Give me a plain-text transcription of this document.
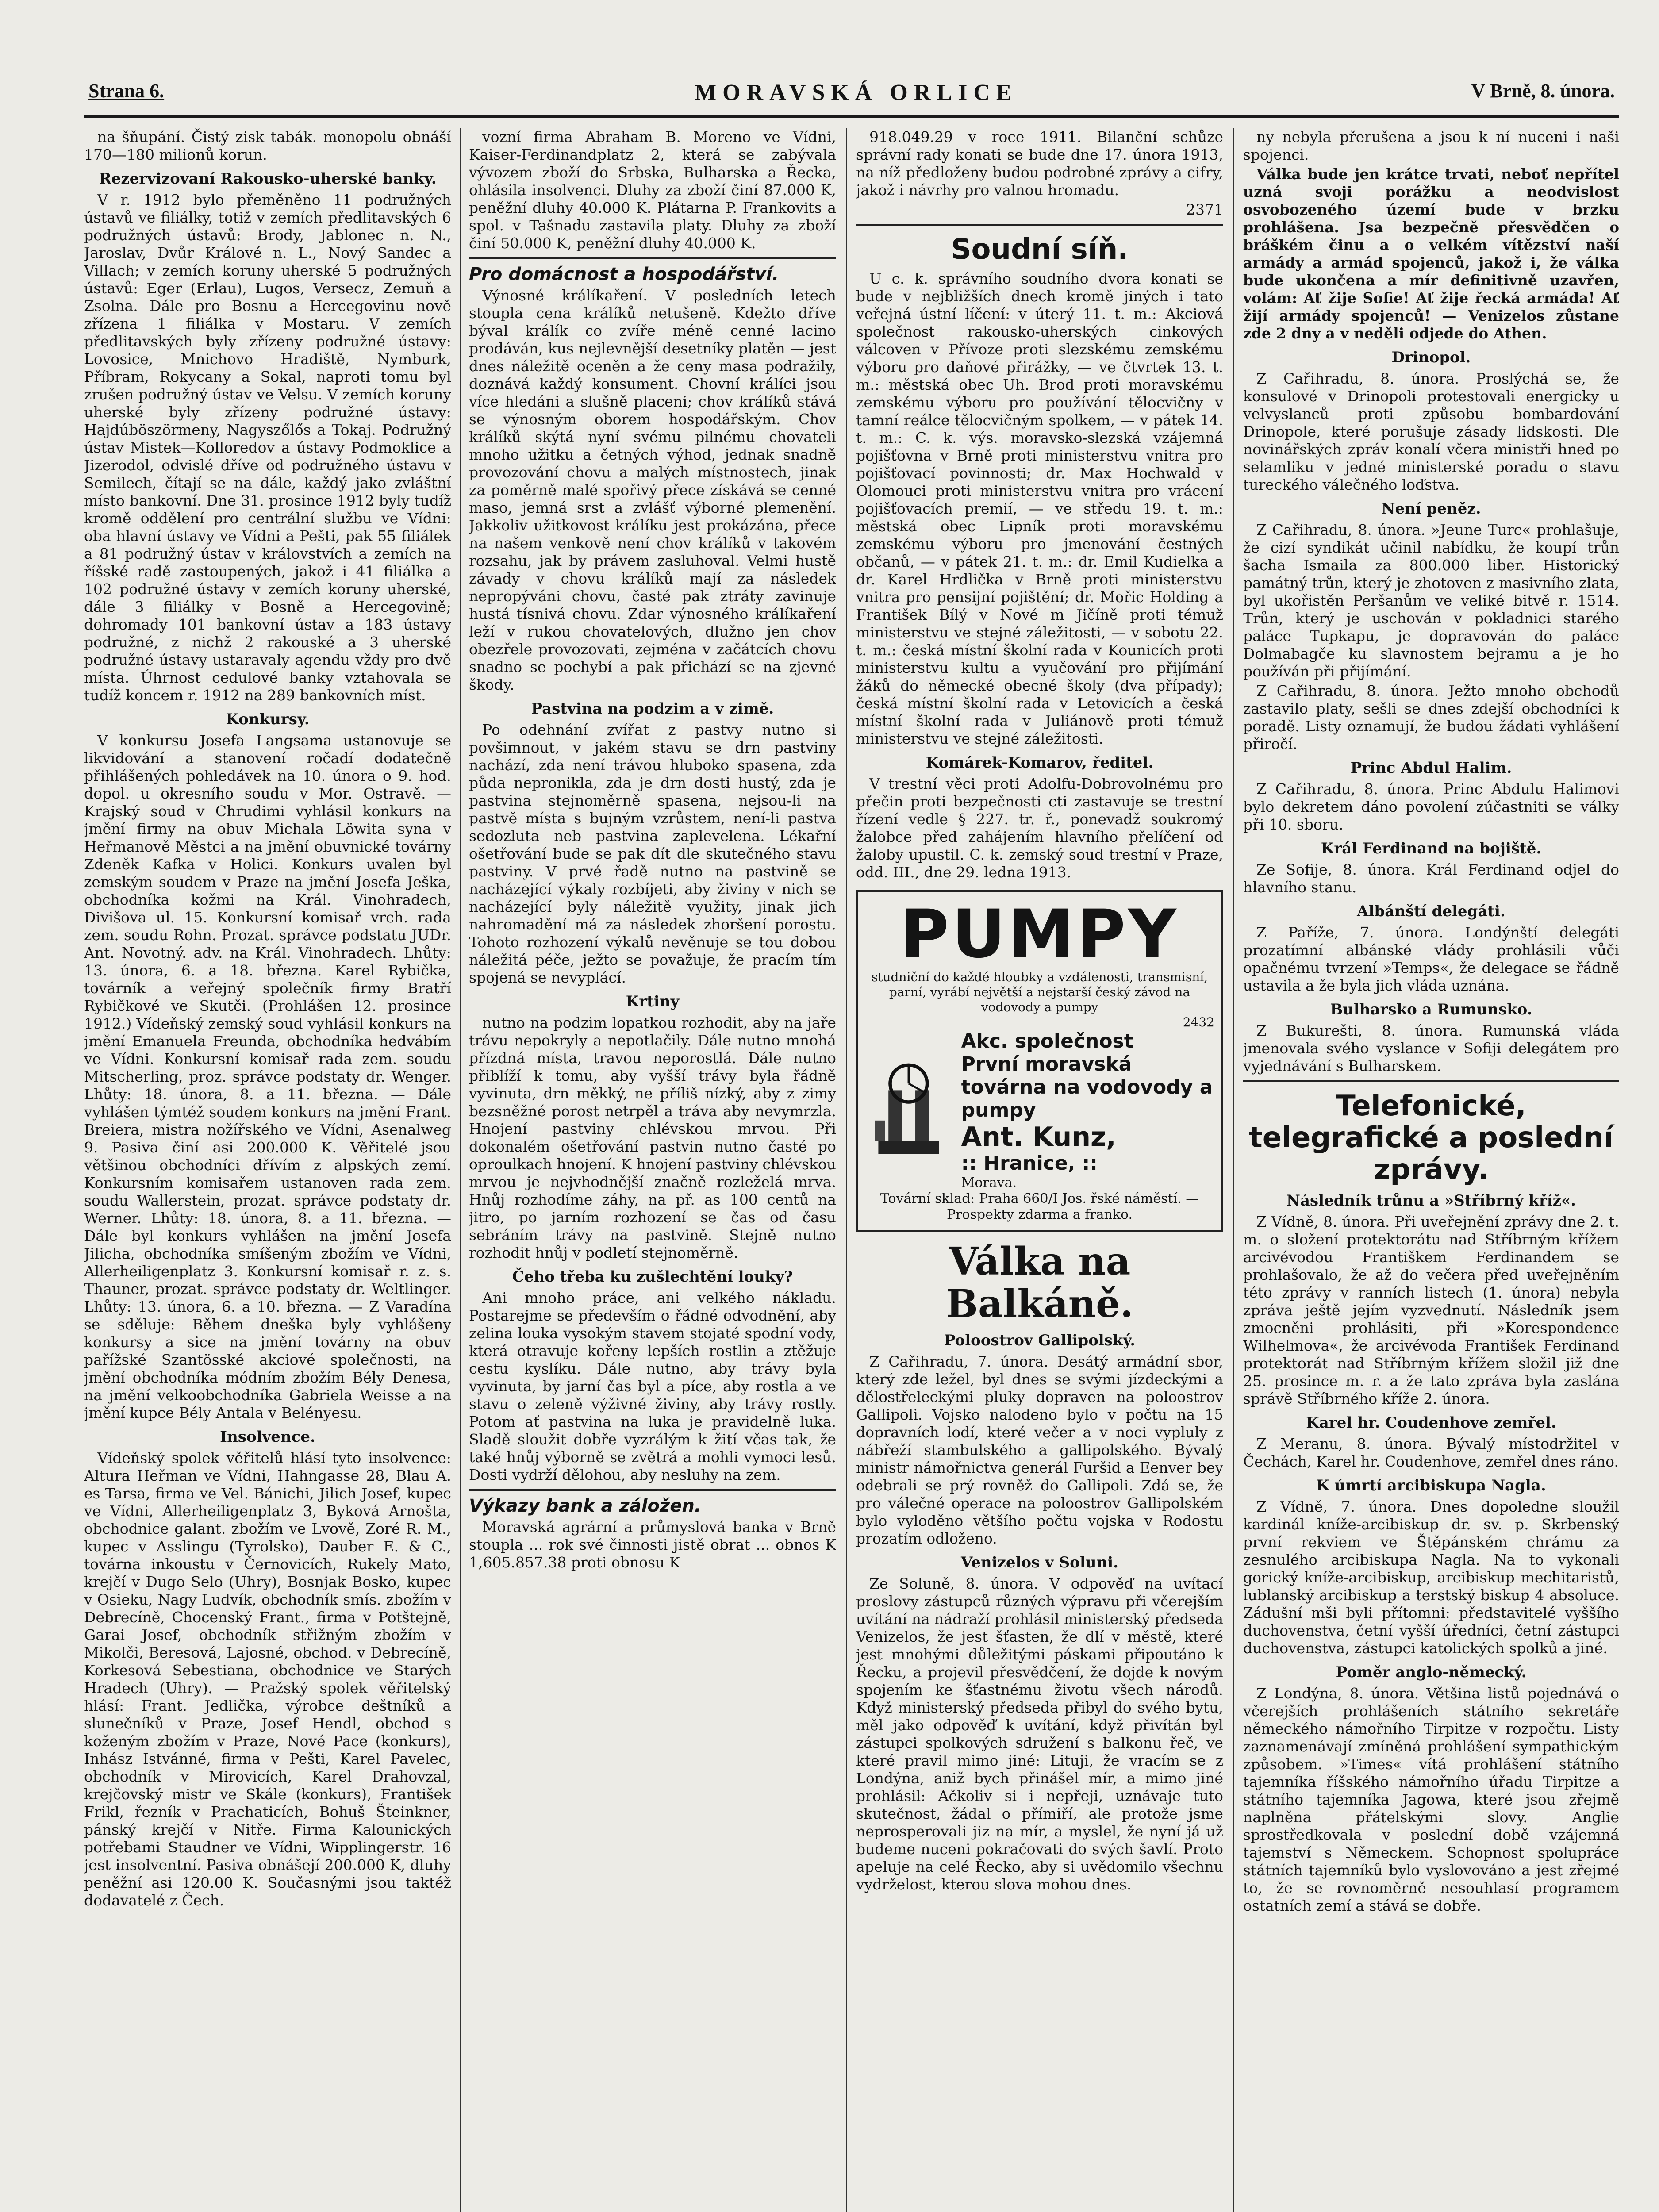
Strana 6.	MORAVSKÁ ORLICE	V Brně, 8. února.

na šňupání. Čistý zisk tabák. monopolu obnáší 170—180 milionů korun.

Rezervizovaní Rakousko-uherské banky.

V r. 1912 bylo přeměněno 11 podružných ústavů ve filiálky, totiž v zemích předlitavských 6 podružných ústavů: Brody, Jablonec n. N., Jaroslav, Dvůr Králové n. L., Nový Sandec a Villach; v zemích koruny uherské 5 podružných ústavů: Eger (Erlau), Lugos, Versecz, Zemuň a Zsolna. Dále pro Bosnu a Hercegovinu nově zřízena 1 filiálka v Mostaru. V zemích předlitavských byly zřízeny podružné ústavy: Lovosice, Mnichovo Hradiště, Nymburk, Příbram, Rokycany a Sokal, naproti tomu byl zrušen podružný ústav ve Velsu. V zemích koruny uherské byly zřízeny podružné ústavy: Hajdúböszörmeny, Nagyszőlős a Tokaj. Podružný ústav Mistek—Kolloredov a ústavy Podmoklice a Jizerodol, odvislé dříve od podružného ústavu v Semilech, čítají se na dále, každý jako zvláštní místo bankovní. Dne 31. prosince 1912 byly tudíž kromě oddělení pro centrální službu ve Vídni: oba hlavní ústavy ve Vídni a Pešti, pak 55 filiálek a 81 podružný ústav v královstvích a zemích na říšské radě zastoupených, jakož i 41 filiálka a 102 podružné ústavy v zemích koruny uherské, dále 3 filiálky v Bosně a Hercegovině; dohromady 101 bankovní ústav a 183 ústavy podružné, z nichž 2 rakouské a 3 uherské podružné ústavy ustaravaly agendu vždy pro dvě místa. Úhrnost cedulové banky vztahovala se tudíž koncem r. 1912 na 289 bankovních míst.

Konkursy.

V konkursu Josefa Langsama ustanovuje se likvidování a stanovení ročadí dodatečně přihlášených pohledávek na 10. února o 9. hod. dopol. u okresního soudu v Mor. Ostravě. — Krajský soud v Chrudimi vyhlásil konkurs na jmění firmy na obuv Michala Löwita syna v Heřmanově Městci a na jmění obuvnické továrny Zdeněk Kafka v Holici. Konkurs uvalen byl zemským soudem v Praze na jmění Josefa Ješka, obchodníka kožmi na Král. Vinohradech, Divišova ul. 15. Konkursní komisař vrch. rada zem. soudu Rohn. Prozat. správce podstatu JUDr. Ant. Novotný. adv. na Král. Vinohradech. Lhůty: 13. února, 6. a 18. března. Karel Rybička, továrník a veřejný společník firmy Bratří Rybičkové ve Skutči. (Prohlášen 12. prosince 1912.) Vídeňský zemský soud vyhlásil konkurs na jmění Emanuela Freunda, obchodníka hedvábím ve Vídni. Konkursní komisař rada zem. soudu Mitscherling, proz. správce podstaty dr. Wenger. Lhůty: 18. února, 8. a 11. března. — Dále vyhlášen týmtéž soudem konkurs na jmění Frant. Breiera, mistra nožířského ve Vídni, Asenalweg 9. Pasiva činí asi 200.000 K. Věřitelé jsou většinou obchodníci dřívím z alpských zemí. Konkursním komisařem ustanoven rada zem. soudu Wallerstein, prozat. správce podstaty dr. Werner. Lhůty: 18. února, 8. a 11. března. — Dále byl konkurs vyhlášen na jmění Josefa Jilicha, obchodníka smíšeným zbožím ve Vídni, Allerheiligenplatz 3. Konkursní komisař r. z. s. Thauner, prozat. správce podstaty dr. Weltlinger. Lhůty: 13. února, 6. a 10. března. — Z Varadína se sděluje: Během dneška byly vyhlášeny konkursy a sice na jmění továrny na obuv pařížské Szantösské akciové společnosti, na jmění obchodníka módním zbožím Bély Denesa, na jmění velkoobchodníka Gabriela Weisse a na jmění kupce Bély Antala v Belényesu.

Insolvence.

Vídeňský spolek věřitelů hlásí tyto insolvence: Altura Heřman ve Vídni, Hahngasse 28, Blau A. es Tarsa, firma ve Vel. Bánichi, Jilich Josef, kupec ve Vídni, Allerheiligenplatz 3, Byková Arnošta, obchodnice galant. zbožím ve Lvově, Zoré R. M., kupec v Asslingu (Tyrolsko), Dauber E. & C., továrna inkoustu v Černovicích, Rukely Mato, krejčí v Dugo Selo (Uhry), Bosnjak Bosko, kupec v Osieku, Nagy Ludvík, obchodník smís. zbožím v Debrecíně, Chocenský Frant., firma v Potštejně, Garai Josef, obchodník střižným zbožím v Mikolči, Beresová, Lajosné, obchod. v Debrecíně, Korkesová Sebestiana, obchodnice ve Starých Hradech (Uhry). — Pražský spolek věřitelský hlásí: Frant. Jedlička, výrobce deštníků a slunečníků v Praze, Josef Hendl, obchod s koženým zbožím v Praze, Nové Pace (konkurs), Inhász Istvánné, firma v Pešti, Karel Pavelec, obchodník v Mirovicích, Karel Drahovzal, krejčovský mistr ve Skále (konkurs), František Frikl, řezník v Prachaticích, Bohuš Šteinkner, pánský krejčí v Nitře. Firma Kalounických potřebami Staudner ve Vídni, Wipplingerstr. 16 jest insolventní. Pasiva obnášejí 200.000 K, dluhy peněžní asi 120.00 K. Současnými jsou taktéž dodavatelé z Čech.

vozní firma Abraham B. Moreno ve Vídni, Kaiser-Ferdinandplatz 2, která se zabývala vývozem zboží do Srbska, Bulharska a Řecka, ohlásila insolvenci. Dluhy za zboží činí 87.000 K, peněžní dluhy 40.000 K. Plátarna P. Frankovits a spol. v Tašnadu zastavila platy. Dluhy za zboží činí 50.000 K, peněžní dluhy 40.000 K.

Pro domácnost a hospodářství.

Výnosné králíkaření. V posledních letech stoupla cena králíků netušeně. Kdežto dříve býval králík co zvíře méně cenné lacino prodáván, kus nejlevnější desetníky platěn — jest dnes náležitě oceněn a že ceny masa podražily, doznává každý konsument. Chovní králíci jsou více hledáni a slušně placeni; chov králíků stává se výnosným oborem hospodářským. Chov králíků skýtá nyní svému pilnému chovateli mnoho užitku a četných výhod, jednak snadně provozování chovu a malých místnostech, jinak za poměrně malé spořivý přece získává se cenné maso, jemná srst a zvlášť výborné plemenění. Jakkoliv užitkovost králíku jest prokázána, přece na našem venkově není chov králíků v takovém rozsahu, jak by právem zasluhoval. Velmi hustě závady v chovu králíků mají za následek nepropýváni chovu, časté pak ztráty zavinuje hustá tísnivá chovu. Zdar výnosného králíkaření leží v rukou chovatelových, dlužno jen chov obezřele provozovati, zejména v začátcích chovu snadno se pochybí a pak přichází se na zjevné škody.

Pastvina na podzim a v zimě.

Po odehnání zvířat z pastvy nutno si povšimnout, v jakém stavu se drn pastviny nachází, zda není trávou hluboko spasena, zda půda nepronikla, zda je drn dosti hustý, zda je pastvina stejnoměrně spasena, nejsou-li na pastvě místa s bujným vzrůstem, není-li pastva sedozluta neb pastvina zaplevelena. Lékařní ošetřování bude se pak dít dle skutečného stavu pastviny. V prvé řadě nutno na pastvině se nacházející výkaly rozbíjeti, aby živiny v nich se nacházející byly náležitě využity, jinak jich nahromadění má za následek zhoršení porostu. Tohoto rozhození výkalů nevěnuje se tou dobou náležitá péče, ježto se považuje, že pracím tím spojená se nevyplácí.

Krtiny

nutno na podzim lopatkou rozhodit, aby na jaře trávu nepokryly a nepotlačily. Dále nutno mnohá přízdná místa, travou neporostlá. Dále nutno přiblíží k tomu, aby vyšší trávy byla řádně vyvinuta, drn měkký, ne příliš nízký, aby z zimy bezsněžné porost netrpěl a tráva aby nevymrzla. Hnojení pastviny chlévskou mrvou. Při dokonalém ošetřování pastvin nutno časté po oproulkach hnojení. K hnojení pastviny chlévskou mrvou je nejvhodnější značně rozleželá mrva. Hnůj rozhodíme záhy, na př. as 100 centů na jitro, po jarním rozhození se čas od času sebráním trávy na pastvině. Stejně nutno rozhodit hnůj v podletí stejnoměrně.

Čeho třeba ku zušlechtění louky?

Ani mnoho práce, ani velkého nákladu. Postarejme se především o řádné odvodnění, aby zelina louka vysokým stavem stojaté spodní vody, která otravuje kořeny lepších rostlin a ztěžuje cestu kyslíku. Dále nutno, aby trávy byla vyvinuta, by jarní čas byl a píce, aby rostla a ve stavu o zeleně výživné živiny, aby trávy rostly. Potom ať pastvina na luka je pravidelně luka. Sladě sloužit dobře vyzrálým k žití včas tak, že také hnůj výborně se zvětrá a mohli vymoci lesů. Dosti vydrží dělohou, aby nesluhy na zem.

Výkazy bank a záložen.

Moravská agrární a průmyslová banka v Brně stoupla ... rok své činnosti jistě obrat ... obnos K 1,605.857.38 proti obnosu K

918.049.29 v roce 1911. Bilanční schůze správní rady konati se bude dne 17. února 1913, na níž předloženy budou podrobné zprávy a cifry, jakož i návrhy pro valnou hromadu.

2371

Soudní síň.

U c. k. správního soudního dvora konati se bude v nejbližších dnech kromě jiných i tato veřejná ústní líčení: v úterý 11. t. m.: Akciová společnost rakousko-uherských cinkových válcoven v Přívoze proti slezskému zemskému výboru pro daňové přirážky, — ve čtvrtek 13. t. m.: městská obec Uh. Brod proti moravskému zemskému výboru pro používání tělocvičny v tamní reálce tělocvičným spolkem, — v pátek 14. t. m.: C. k. výs. moravsko-slezská vzájemná pojišťovna v Brně proti ministerstvu vnitra pro pojišťovací povinnosti; dr. Max Hochwald v Olomouci proti ministerstvu vnitra pro vrácení pojišťovacích premií, — ve středu 19. t. m.: městská obec Lipník proti moravskému zemskému výboru pro jmenování čestných občanů, — v pátek 21. t. m.: dr. Emil Kudielka a dr. Karel Hrdlička v Brně proti ministerstvu vnitra pro pensijní pojištění; dr. Mořic Holding a František Bílý v Nové m Jičíně proti témuž ministerstvu ve stejné záležitosti, — v sobotu 22. t. m.: česká místní školní rada v Kounicích proti ministerstvu kultu a vyučování pro přijímání žáků do německé obecné školy (dva případy); česká místní školní rada v Letovicích a česká místní školní rada v Juliánově proti témuž ministerstvu ve stejné záležitosti.

Komárek-Komarov, ředitel.

V trestní věci proti Adolfu-Dobrovolnému pro přečin proti bezpečnosti cti zastavuje se trestní řízení vedle § 227. tr. ř., ponevadž soukromý žalobce před zahájením hlavního přelíčení od žaloby upustil. C. k. zemský soud trestní v Praze, odd. III., dne 29. ledna 1913.

PUMPY
studniční do každé hloubky a vzdálenosti, transmisní, parní, vyrábí největší a nejstarší český závod na vodovody a pumpy
2432
Akc. společnost
První moravská
továrna na vodovody a pumpy
Ant. Kunz,
:: Hranice, ::
Morava.
Tovární sklad: Praha 660/I Jos. řské náměstí. — Prospekty zdarma a franko.
Válka na Balkáně.
Poloostrov Gallipolský.

Z Cařihradu, 7. února. Desátý armádní sbor, který zde ležel, byl dnes se svými jízdeckými a dělostřeleckými pluky dopraven na poloostrov Gallipoli. Vojsko nalodeno bylo v počtu na 15 dopravních lodí, které večer a v noci vypluly z nábřeží stambulského a gallipolského. Bývalý ministr námořnictva generál Furšid a Eenver bey odebrali se prý rovněž do Gallipoli. Zdá se, že pro válečné operace na poloostrov Gallipolském bylo vyloděno většího počtu vojska v Rodostu prozatím odloženo.

Venizelos v Soluni.

Ze Soluně, 8. února. V odpověď na uvítací proslovy zástupců různých výpravu při včerejším uvítání na nádraží prohlásil ministerský předseda Venizelos, že jest šťasten, že dlí v městě, které jest mnohými důležitými páskami připoutáno k Řecku, a projevil přesvědčení, že dojde k novým spojením ke šťastnému životu všech národů. Když ministerský předseda přibyl do svého bytu, měl jako odpověď k uvítání, když přivítán byl zástupci spolkových sdružení s balkonu řeč, ve které pravil mimo jiné: Lituji, že vracím se z Londýna, aniž bych přinášel mír, a mimo jiné prohlásil: Ačkoliv si i nepřeji, uznávaje tuto skutečnost, žádal o přímiří, ale protože jsme neprosperovali jiz na mír, a myslel, že nyní já už budeme nuceni pokračovati do svých šavlí. Proto apeluje na celé Řecko, aby si uvědomilo všechnu vydrželost, kterou slova mohou dnes.

ny nebyla přerušena a jsou k ní nuceni i naši spojenci.

Válka bude jen krátce trvati, neboť nepřítel uzná svoji porážku a neodvislost osvobozeného území bude v brzku prohlášena. Jsa bezpečně přesvědčen o bráškém činu a o velkém vítězství naší armády a armád spojenců, jakož i, že válka bude ukončena a mír definitivně uzavřen, volám: Ať žije Sofie! Ať žije řecká armáda! Ať žijí armády spojenců! — Venizelos zůstane zde 2 dny a v neděli odjede do Athen.

Drinopol.

Z Cařihradu, 8. února. Proslýchá se, že konsulové v Drinopoli protestovali energicky u velvyslanců proti způsobu bombardování Drinopole, které porušuje zásady lidskosti. Dle novinářských zpráv konalí včera ministři hned po selamliku v jedné ministerské poradu o stavu tureckého válečného loďstva.

Není peněz.

Z Cařihradu, 8. února. »Jeune Turc« prohlašuje, že cizí syndikát učinil nabídku, že koupí trůn šacha Ismaila za 800.000 liber. Historický památný trůn, který je zhotoven z masivního zlata, byl ukořistěn Peršanům ve veliké bitvě r. 1514. Trůn, který je uschován v pokladnici starého paláce Tupkapu, je dopravován do paláce Dolmabagče ku slavnostem bejramu a je ho používán při přijímání.

Z Cařihradu, 8. února. Ježto mnoho obchodů zastavilo platy, sešli se dnes zdejší obchodníci k poradě. Listy oznamují, že budou žádati vyhlášení přiročí.

Princ Abdul Halim.

Z Cařihradu, 8. února. Princ Abdulu Halimovi bylo dekretem dáno povolení zúčastniti se války při 10. sboru.

Král Ferdinand na bojiště.

Ze Sofije, 8. února. Král Ferdinand odjel do hlavního stanu.

Albánští delegáti.

Z Paříže, 7. února. Londýnští delegáti prozatímní albánské vlády prohlásili vůči opačnému tvrzení »Temps«, že delegace se řádně ustavila a že byla jich vláda uznána.

Bulharsko a Rumunsko.

Z Bukurešti, 8. února. Rumunská vláda jmenovala svého vyslance v Sofiji delegátem pro vyjednávání s Bulharskem.

Telefonické, telegrafické a poslední zprávy.
Následník trůnu a »Stříbrný kříž«.

Z Vídně, 8. února. Při uveřejnění zprávy dne 2. t. m. o složení protektorátu nad Stříbrným křížem arcivévodou Františkem Ferdinandem se prohlašovalo, že až do večera před uveřejněním této zprávy v ranních listech (1. února) nebyla zpráva ještě jejím vyzvednutí. Následník jsem zmocněni prohlásiti, při »Korespondence Wilhelmova«, že arcivévoda František Ferdinand protektorát nad Stříbrným křížem složil již dne 25. prosince m. r. a že tato zpráva byla zaslána správě Stříbrného kříže 2. února.

Karel hr. Coudenhove zemřel.

Z Meranu, 8. února. Bývalý místodržitel v Čechách, Karel hr. Coudenhove, zemřel dnes ráno.

K úmrtí arcibiskupa Nagla.

Z Vídně, 7. února. Dnes dopoledne sloužil kardinál kníže-arcibiskup dr. sv. p. Skrbenský první rekviem ve Štěpánském chrámu za zesnulého arcibiskupa Nagla. Na to vykonali gorický kníže-arcibiskup, arcibiskup mechitaristů, lublanský arcibiskup a terstský biskup 4 absoluce. Zádušní mši byli přítomni: představitelé vyššího duchovenstva, četní vyšší úředníci, četní zástupci duchovenstva, zástupci katolických spolků a jiné.

Poměr anglo-německý.

Z Londýna, 8. února. Většina listů pojednává o včerejších prohlášeních státního sekretáře německého námořního Tirpitze v rozpočtu. Listy zaznamenávají zmíněná prohlášení sympathickým způsobem. »Times« vítá prohlášení státního tajemníka říšského námořního úřadu Tirpitze a státního tajemníka Jagowa, které jsou zřejmě naplněna přátelskými slovy. Anglie sprostředkovala v poslední době vzájemná tajemství s Německem. Schopnost spolupráce státních tajemníků bylo vyslovováno a jest zřejmé to, že se rovnoměrně nesouhlasí programem ostatních zemí a stává se dobře.
